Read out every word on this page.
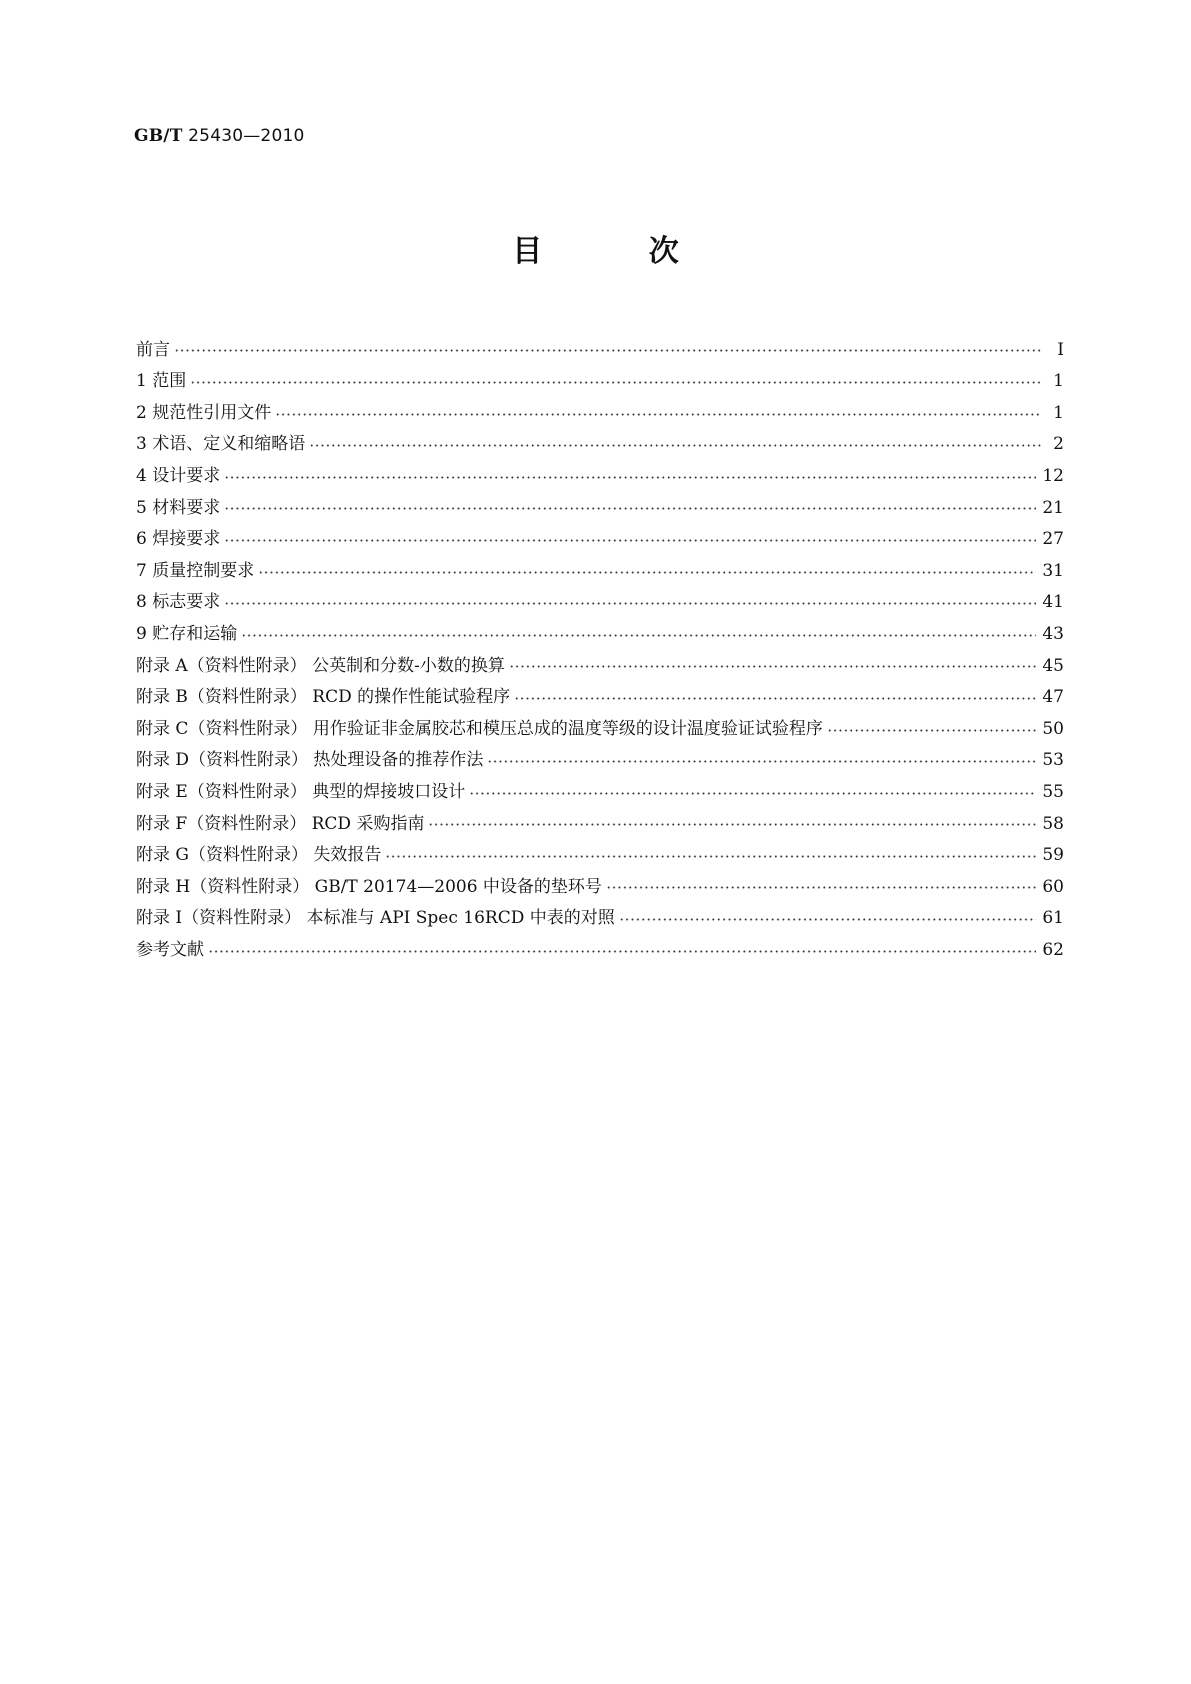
GB/T 25430—2010
目 次
前言	Ⅰ
1 范围	1
2 规范性引用文件	1
3 术语、定义和缩略语	2
4 设计要求	12
5 材料要求	21
6 焊接要求	27
7 质量控制要求	31
8 标志要求	41
9 贮存和运输	43
附录 A（资料性附录） 公英制和分数-小数的换算	45
附录 B（资料性附录） RCD 的操作性能试验程序	47
附录 C（资料性附录） 用作验证非金属胶芯和模压总成的温度等级的设计温度验证试验程序	50
附录 D（资料性附录） 热处理设备的推荐作法	53
附录 E（资料性附录） 典型的焊接坡口设计	55
附录 F（资料性附录） RCD 采购指南	58
附录 G（资料性附录） 失效报告	59
附录 H（资料性附录） GB/T 20174—2006 中设备的垫环号	60
附录 I（资料性附录） 本标准与 API Spec 16RCD 中表的对照	61
参考文献	62
